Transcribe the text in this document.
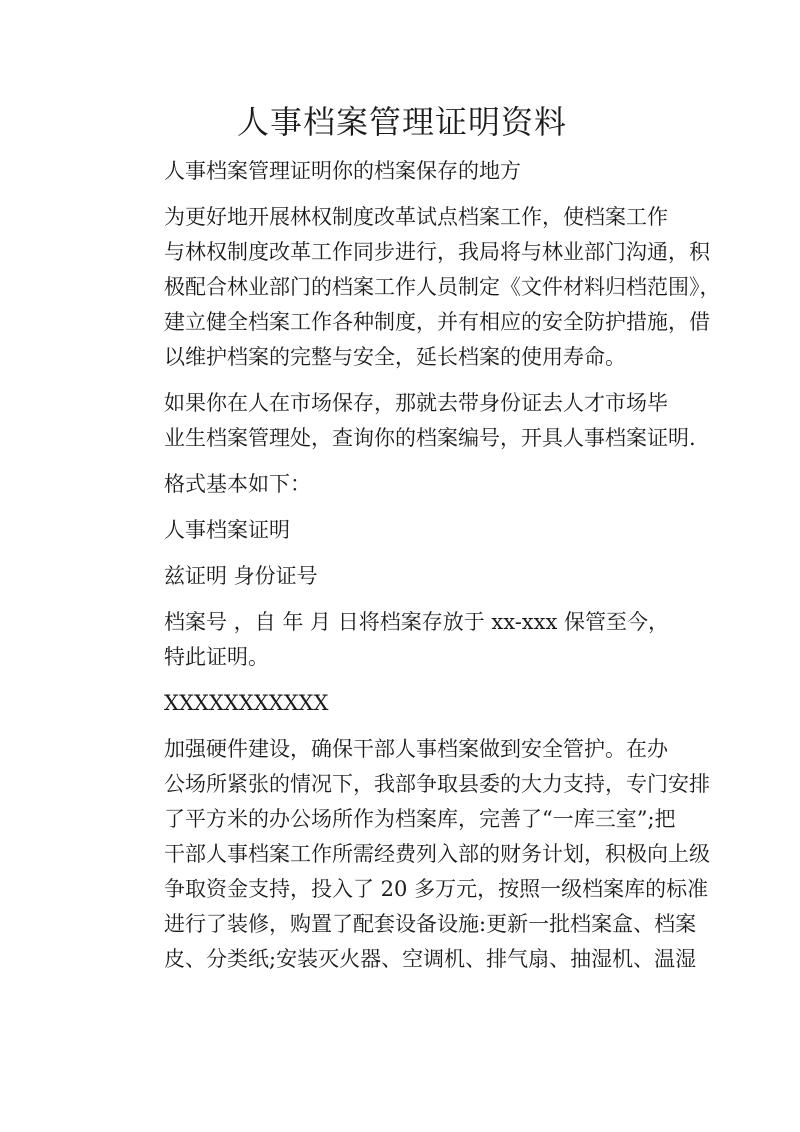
人事档案管理证明资料

人事档案管理证明你的档案保存的地方

为更好地开展林权制度改革试点档案工作，使档案工作
与林权制度改革工作同步进行，我局将与林业部门沟通，积
极配合林业部门的档案工作人员制定《文件材料归档范围》，
建立健全档案工作各种制度，并有相应的安全防护措施，借
以维护档案的完整与安全，延长档案的使用寿命。

如果你在人在市场保存，那就去带身份证去人才市场毕
业生档案管理处，查询你的档案编号，开具人事档案证明.

格式基本如下：

人事档案证明

兹证明 身份证号

档案号 ，自 年 月 日将档案存放于 xx-xxx 保管至今，
特此证明。

XXXXXXXXXXX

加强硬件建设，确保干部人事档案做到安全管护。在办
公场所紧张的情况下，我部争取县委的大力支持，专门安排
了平方米的办公场所作为档案库，完善了“一库三室”;把
干部人事档案工作所需经费列入部的财务计划，积极向上级
争取资金支持，投入了 20 多万元，按照一级档案库的标准
进行了装修，购置了配套设备设施:更新一批档案盒、档案
皮、分类纸;安装灭火器、空调机、排气扇、抽湿机、温湿
